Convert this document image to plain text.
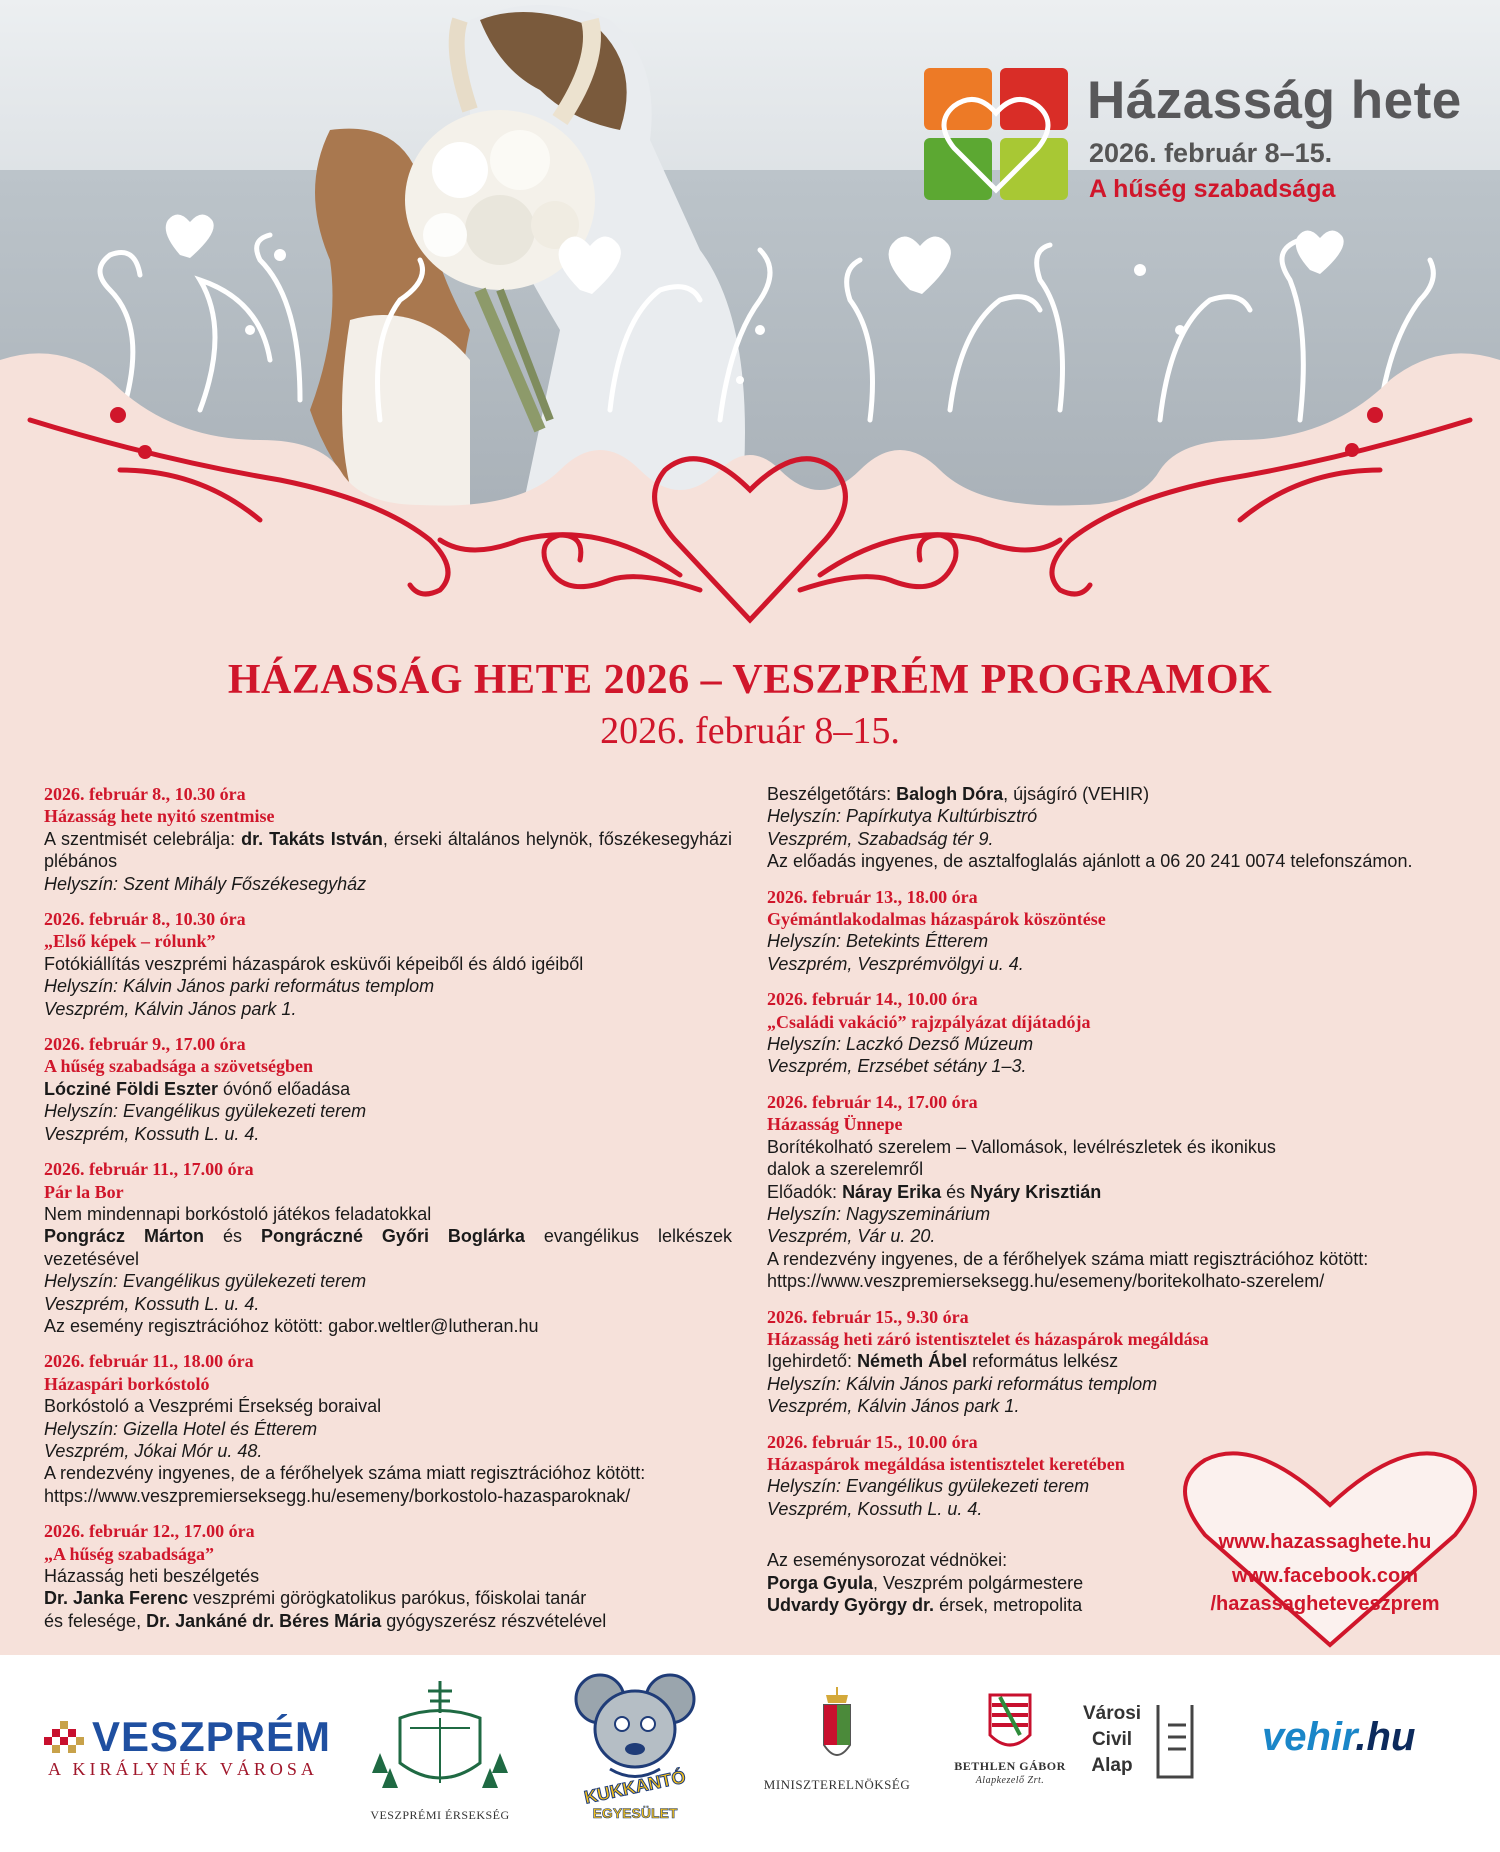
Házasság hete
2026. február 8–15.
A hűség szabadsága
HÁZASSÁG HETE 2026 – VESZPRÉM PROGRAMOK
2026. február 8–15.
2026. február 8., 10.30 óra
Házasság hete nyitó szentmise
A szentmisét celebrálja: dr. Takáts István, érseki általános helynök, főszékesegyházi plébános
Helyszín: Szent Mihály Főszékesegyház
2026. február 8., 10.30 óra
„Első képek – rólunk”
Fotókiállítás veszprémi házaspárok esküvői képeiből és áldó igéiből
Helyszín: Kálvin János parki református templom
Veszprém, Kálvin János park 1.
2026. február 9., 17.00 óra
A hűség szabadsága a szövetségben
Lócziné Földi Eszter óvónő előadása
Helyszín: Evangélikus gyülekezeti terem
Veszprém, Kossuth L. u. 4.
2026. február 11., 17.00 óra
Pár la Bor
Nem mindennapi borkóstoló játékos feladatokkal
Pongrácz Márton és Pongráczné Győri Boglárka evangélikus lelkészek vezetésével
Helyszín: Evangélikus gyülekezeti terem
Veszprém, Kossuth L. u. 4.
Az esemény regisztrációhoz kötött: gabor.weltler@lutheran.hu
2026. február 11., 18.00 óra
Házaspári borkóstoló
Borkóstoló a Veszprémi Érsekség boraival
Helyszín: Gizella Hotel és Étterem
Veszprém, Jókai Mór u. 48.
A rendezvény ingyenes, de a férőhelyek száma miatt regisztrációhoz kötött:
https://www.veszpremierseksegg.hu/esemeny/borkostolo-hazasparoknak/
2026. február 12., 17.00 óra
„A hűség szabadsága”
Házasság heti beszélgetés
Dr. Janka Ferenc veszprémi görögkatolikus parókus, főiskolai tanár
és felesége, Dr. Jankáné dr. Béres Mária gyógyszerész részvételével
Beszélgetőtárs: Balogh Dóra, újságíró (VEHIR)
Helyszín: Papírkutya Kultúrbisztró
Veszprém, Szabadság tér 9.
Az előadás ingyenes, de asztalfoglalás ajánlott a 06 20 241 0074 telefonszámon.
2026. február 13., 18.00 óra
Gyémántlakodalmas házaspárok köszöntése
Helyszín: Betekints Étterem
Veszprém, Veszprémvölgyi u. 4.
2026. február 14., 10.00 óra
„Családi vakáció” rajzpályázat díjátadója
Helyszín: Laczkó Dezső Múzeum
Veszprém, Erzsébet sétány 1–3.
2026. február 14., 17.00 óra
Házasság Ünnepe
Borítékolható szerelem – Vallomások, levélrészletek és ikonikus
dalok a szerelemről
Előadók: Náray Erika és Nyáry Krisztián
Helyszín: Nagyszeminárium
Veszprém, Vár u. 20.
A rendezvény ingyenes, de a férőhelyek száma miatt regisztrációhoz kötött:
https://www.veszpremierseksegg.hu/esemeny/boritekolhato-szerelem/
2026. február 15., 9.30 óra
Házasság heti záró istentisztelet és házaspárok megáldása
Igehirdető: Németh Ábel református lelkész
Helyszín: Kálvin János parki református templom
Veszprém, Kálvin János park 1.
2026. február 15., 10.00 óra
Házaspárok megáldása istentisztelet keretében
Helyszín: Evangélikus gyülekezeti terem
Veszprém, Kossuth L. u. 4.
Az eseménysorozat védnökei:
Porga Gyula, Veszprém polgármestere
Udvardy György dr. érsek, metropolita
www.hazassaghete.hu
www.facebook.com
/hazassagheteveszprem
VESZPRÉM
A KIRÁLYNÉK VÁROSA
VESZPRÉMI ÉRSEKSÉG
KUKKANTÓ
EGYESÜLET
MINISZTERELNÖKSÉG
BETHLEN GÁBOR
Alapkezelő Zrt.
Városi
Civil
Alap
vehir.hu
